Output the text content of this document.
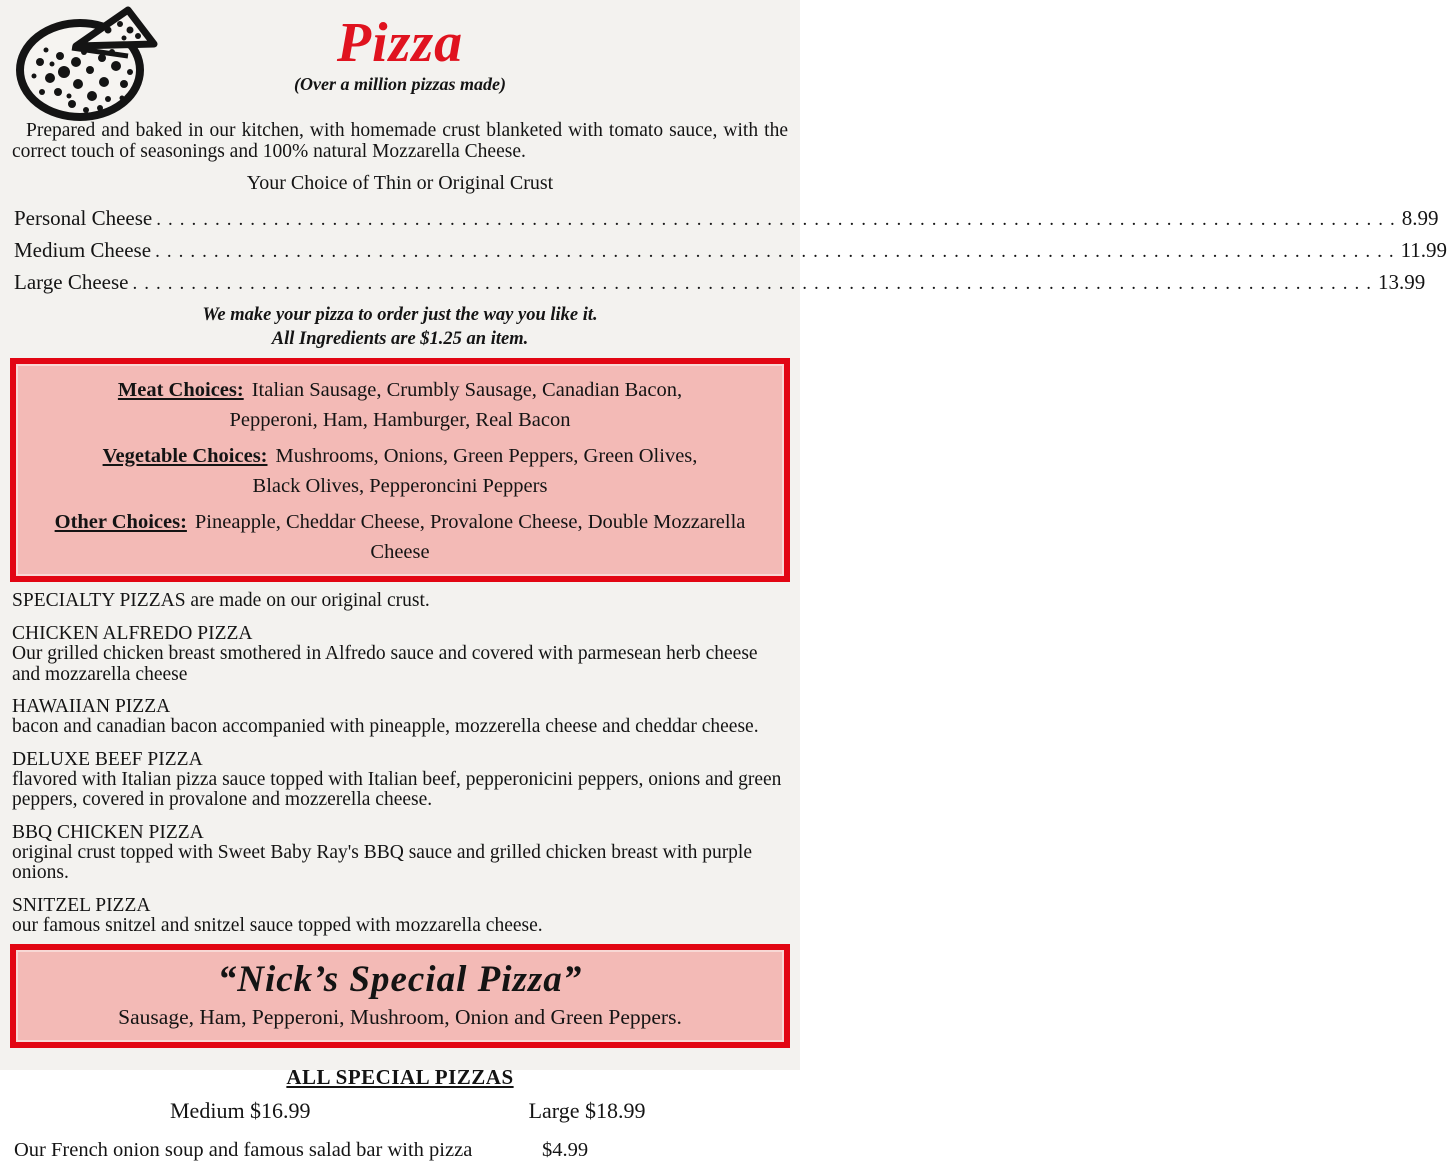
Pizza
(Over a million pizzas made)
Prepared and baked in our kitchen, with homemade crust blanketed with tomato sauce, with the correct touch of seasonings and 100% natural Mozzarella Cheese.
Your Choice of Thin or Original Crust
Personal Cheese .....	8.99
Medium Cheese .....	11.99
Large Cheese .....	13.99
We make your pizza to order just the way you like it.
All Ingredients are $1.25 an item.
Meat Choices: Italian Sausage, Crumbly Sausage, Canadian Bacon,
Pepperoni, Ham, Hamburger, Real Bacon
Vegetable Choices: Mushrooms, Onions, Green Peppers, Green Olives,
Black Olives, Pepperoncini Peppers
Other Choices: Pineapple, Cheddar Cheese, Provalone Cheese, Double Mozzarella Cheese
SPECIALTY PIZZAS are made on our original crust.
CHICKEN ALFREDO PIZZA
Our grilled chicken breast smothered in Alfredo sauce and covered with parmesean herb cheese and mozzarella cheese
HAWAIIAN PIZZA
bacon and canadian bacon accompanied with pineapple, mozzerella cheese and cheddar cheese.
DELUXE BEEF PIZZA
flavored with Italian pizza sauce topped with Italian beef, pepperonicini peppers, onions and green peppers, covered in provalone and mozzerella cheese.
BBQ CHICKEN PIZZA
original crust topped with Sweet Baby Ray's BBQ sauce and grilled chicken breast with purple onions.
SNITZEL PIZZA
our famous snitzel and snitzel sauce topped with mozzarella cheese.
“Nick’s Special Pizza”
Sausage, Ham, Pepperoni, Mushroom, Onion and Green Peppers.
ALL SPECIAL PIZZAS
Medium $16.99	Large $18.99
Our French onion soup and famous salad bar with pizza	$4.99
